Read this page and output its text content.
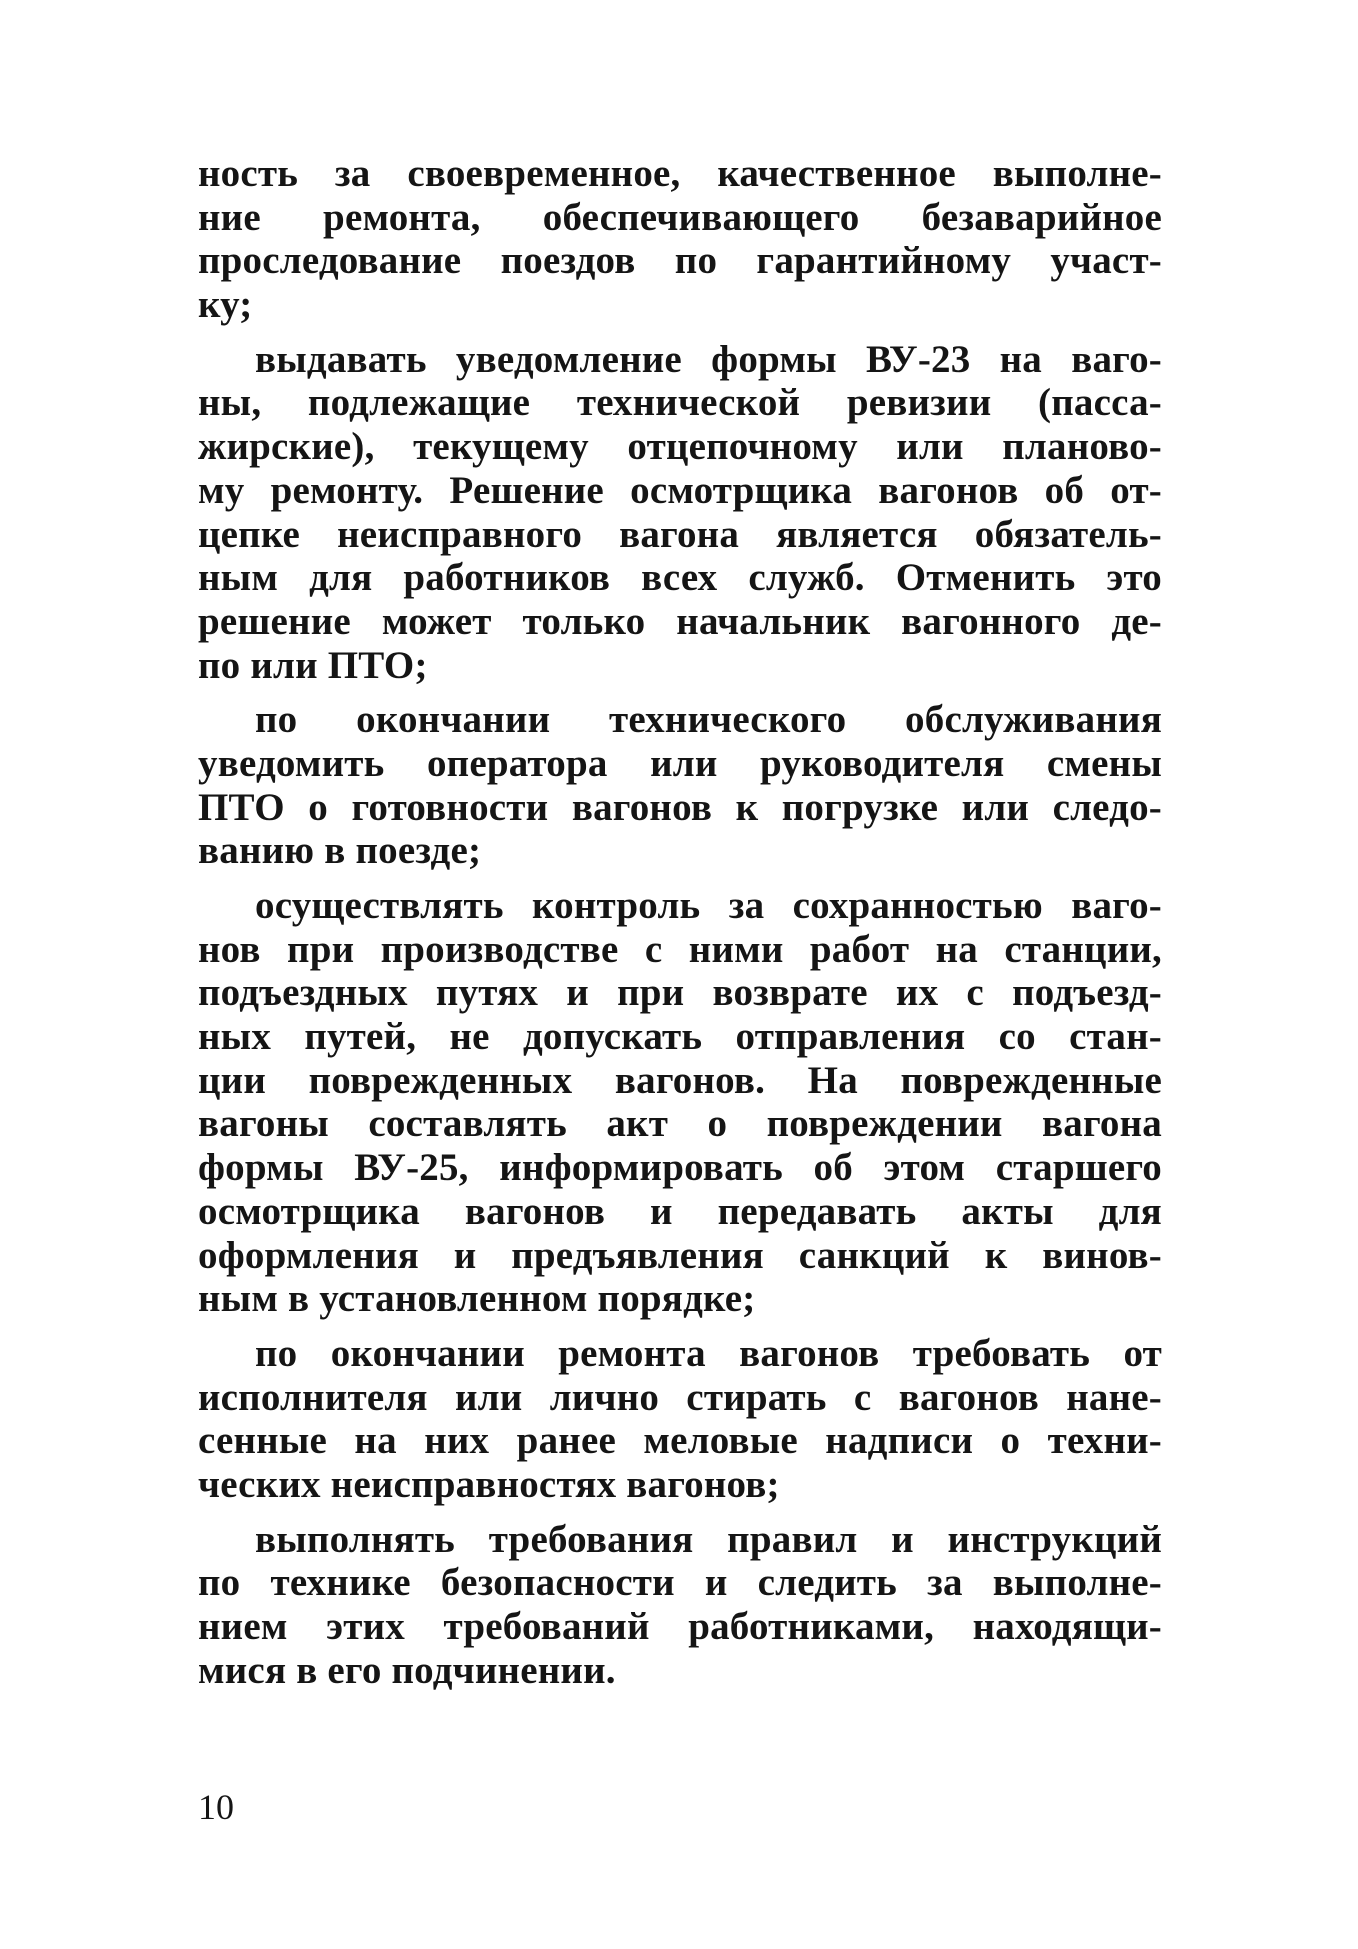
ность за своевременное, качественное выполне-
ние ремонта, обеспечивающего безаварийное
проследование поездов по гарантийному участ-
ку;

выдавать уведомление формы ВУ-23 на ваго-
ны, подлежащие технической ревизии (пасса-
жирские), текущему отцепочному или планово-
му ремонту. Решение осмотрщика вагонов об от-
цепке неисправного вагона является обязатель-
ным для работников всех служб. Отменить это
решение может только начальник вагонного де-
по или ПТО;

по окончании технического обслуживания
уведомить оператора или руководителя смены
ПТО о готовности вагонов к погрузке или следо-
ванию в поезде;

осуществлять контроль за сохранностью ваго-
нов при производстве с ними работ на станции,
подъездных путях и при возврате их с подъезд-
ных путей, не допускать отправления со стан-
ции поврежденных вагонов. На поврежденные
вагоны составлять акт о повреждении вагона
формы ВУ-25, информировать об этом старшего
осмотрщика вагонов и передавать акты для
оформления и предъявления санкций к винов-
ным в установленном порядке;

по окончании ремонта вагонов требовать от
исполнителя или лично стирать с вагонов нане-
сенные на них ранее меловые надписи о техни-
ческих неисправностях вагонов;

выполнять требования правил и инструкций
по технике безопасности и следить за выполне-
нием этих требований работниками, находящи-
мися в его подчинении.

10
